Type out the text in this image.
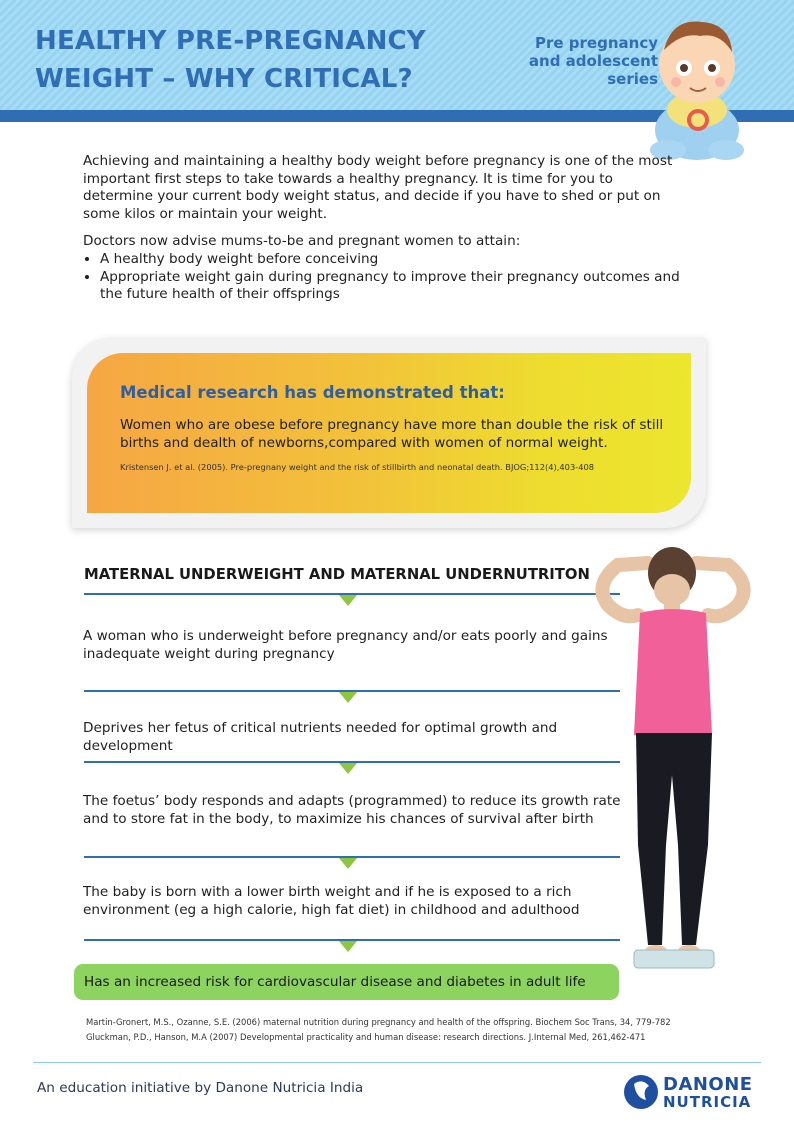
HEALTHY PRE-PREGNANCY
WEIGHT – WHY CRITICAL?
Pre pregnancy
and adolescent
series

Achieving and maintaining a healthy body weight before pregnancy is one of the most important first steps to take towards a healthy pregnancy. It is time for you to determine your current body weight status, and decide if you have to shed or put on some kilos or maintain your weight.

Doctors now advise mums-to-be and pregnant women to attain:

• A healthy body weight before conceiving
• Appropriate weight gain during pregnancy to improve their pregnancy outcomes and the future health of their offsprings
Medical research has demonstrated that:
Women who are obese before pregnancy have more than double the risk of still births and dealth of newborns,compared with women of normal weight.
Kristensen J. et al. (2005). Pre-pregnany weight and the risk of stillbirth and neonatal death. BJOG;112(4),403-408
MATERNAL UNDERWEIGHT AND MATERNAL UNDERNUTRITON
A woman who is underweight before pregnancy and/or eats poorly and gains inadequate weight during pregnancy
Deprives her fetus of critical nutrients needed for optimal growth and development
The foetus’ body responds and adapts (programmed) to reduce its growth rate and to store fat in the body, to maximize his chances of survival after birth
The baby is born with a lower birth weight and if he is exposed to a rich environment (eg a high calorie, high fat diet) in childhood and adulthood
Has an increased risk for cardiovascular disease and diabetes in adult life
Martin-Gronert, M.S., Ozanne, S.E. (2006) maternal nutrition during pregnancy and health of the offspring. Biochem Soc Trans, 34, 779-782
Gluckman, P.D., Hanson, M.A (2007) Developmental practicality and human disease: research directions. J.Internal Med, 261,462-471
An education initiative by Danone Nutricia India	DANONE
NUTRICIA
